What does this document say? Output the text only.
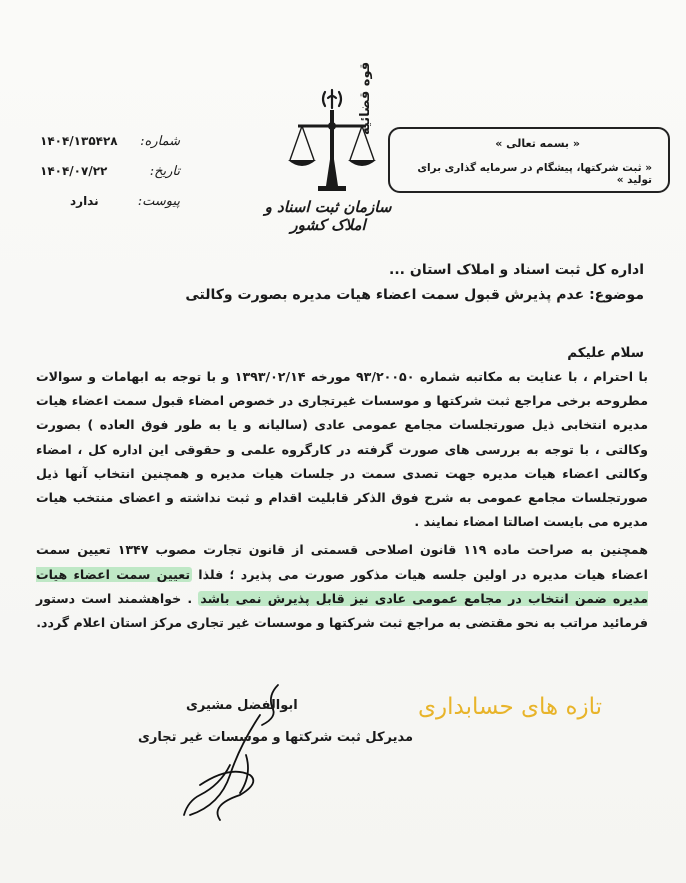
۱۴۰۴/۱۳۵۴۲۸ شماره:
۱۴۰۴/۰۷/۲۲	تاریخ:
ندارد	پیوست:
قوه قضائیه
سازمان ثبت اسناد و املاک کشور
« بسمه تعالی »
« ثبت شرکتها، پیشگام در سرمایه گذاری برای تولید »
اداره کل ثبت اسناد و املاک استان ...
موضوع: عدم پذیرش قبول سمت اعضاء هیات مدیره بصورت وکالتی
سلام علیکم

با احترام ، با عنایت به مکاتبه شماره ۹۳/۲۰۰۵۰ مورخه ۱۳۹۳/۰۲/۱۴ و با توجه به ابهامات و سوالات مطروحه برخی مراجع ثبت شرکتها و موسسات غیرتجاری در خصوص امضاء قبول سمت اعضاء هیات مدیره انتخابی ذیل صورتجلسات مجامع عمومی عادی (سالیانه و یا به طور فوق العاده ) بصورت وکالتی ، با توجه به بررسی های صورت گرفته در کارگروه علمی و حقوقی این اداره کل ، امضاء وکالتی اعضاء هیات مدیره جهت تصدی سمت در جلسات هیات مدیره و همچنین انتخاب آنها ذیل صورتجلسات مجامع عمومی به شرح فوق الذکر قابلیت اقدام و ثبت نداشته و اعضای منتخب هیات مدیره می بایست اصالتا امضاء نمایند .

همچنین به صراحت ماده ۱۱۹ قانون اصلاحی قسمتی از قانون تجارت مصوب ۱۳۴۷ تعیین سمت اعضاء هیات مدیره در اولین جلسه هیات مذکور صورت می پذیرد ؛ فلذا تعیین سمت اعضاء هیات مدیره ضمن انتخاب در مجامع عمومی عادی نیز قابل پذیرش نمی باشد . خواهشمند است دستور فرمائید مراتب به نحو مقتضی به مراجع ثبت شرکتها و موسسات غیر تجاری مرکز استان اعلام گردد.

ابوالفضل مشیری
مدیرکل ثبت شرکتها و موسسات غیر تجاری
تازه های حسابداری
